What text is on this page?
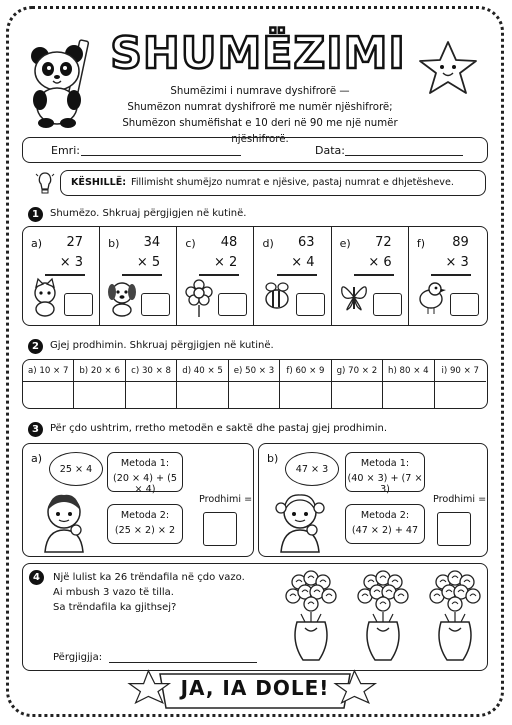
SHUMËZIMI
Shumëzimi i numrave dyshifrorë —
Shumëzon numrat dyshifrorë me numër njëshifrorë;
Shumëzon shumëfishat e 10 deri në 90 me një numër njëshifrorë.
Emri:	Data:
KËSHILLË: Fillimisht shumëjzo numrat e njësive, pastaj numrat e dhjetësheve.
1	Shumëzo. Shkruaj përgjigjen në kutinë.
a)	27
× 3
b)	34
× 5
c)	48
× 2
d)	63
× 4
e)	72
× 6
f)	89
× 3
2	Gjej prodhimin. Shkruaj përgjigjen në kutinë.
a) 10 × 7	b) 20 × 6	c) 30 × 8	d) 40 × 5	e) 50 × 3	f) 60 × 9	g) 70 × 2	h) 80 × 4	i) 90 × 7
3	Për çdo ushtrim, rretho metodën e saktë dhe pastaj gjej prodhimin.
a)
25 × 4
Metoda 1:
(20 × 4) + (5 × 4)
Metoda 2:
(25 × 2) × 2
Prodhimi =
b)
47 × 3
Metoda 1:
(40 × 3) + (7 × 3)
Metoda 2:
(47 × 2) + 47
Prodhimi =
4	Një lulist ka 26 trëndafila në çdo vazo.
Ai mbush 3 vazo të tilla.
Sa trëndafila ka gjithsej?
Përgjigjja:
JA, IA DOLE!
